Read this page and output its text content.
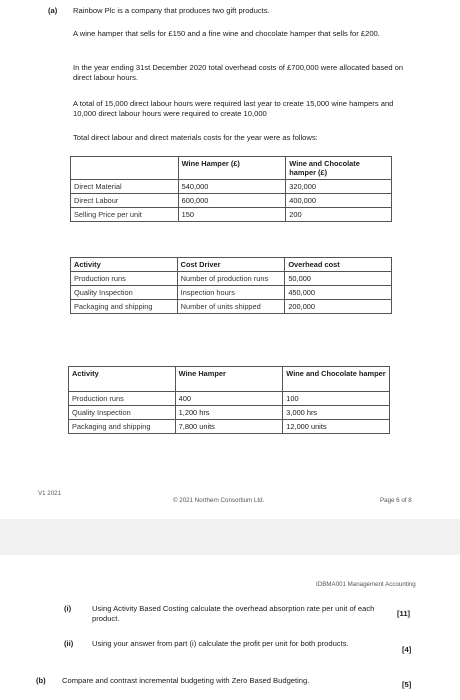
(a) Rainbow Plc is a company that produces two gift products.
A wine hamper that sells for £150 and a fine wine and chocolate hamper that sells for £200.
In the year ending 31st December 2020 total overhead costs of £700,000 were allocated based on direct labour hours.
A total of 15,000 direct labour hours were required last year to create 15,000 wine hampers and 10,000 direct labour hours were required to create 10,000
Total direct labour and direct materials costs for the year were as follows:
	Wine Hamper (£)	Wine and Chocolate hamper (£)
Direct Material	540,000	320,000
Direct Labour	600,000	400,000
Selling Price per unit	150	200
Activity	Cost Driver	Overhead cost
Production runs	Number of production runs	50,000
Quality Inspection	Inspection hours	450,000
Packaging and shipping	Number of units shipped	200,000
Activity	Wine Hamper	Wine and Chocolate hamper
Production runs	400	100
Quality Inspection	1,200 hrs	3,000 hrs
Packaging and shipping	7,800 units	12,000 units
V1 2021
© 2021 Northern Consortium Ltd.	Page 6 of 8
IDBMA001 Management Accounting
(i)	Using Activity Based Costing calculate the overhead absorption rate per unit of each product.
[11]
(ii) Using your answer from part (i) calculate the profit per unit for both products.
[4]
(b) Compare and contrast incremental budgeting with Zero Based Budgeting.	[5]
